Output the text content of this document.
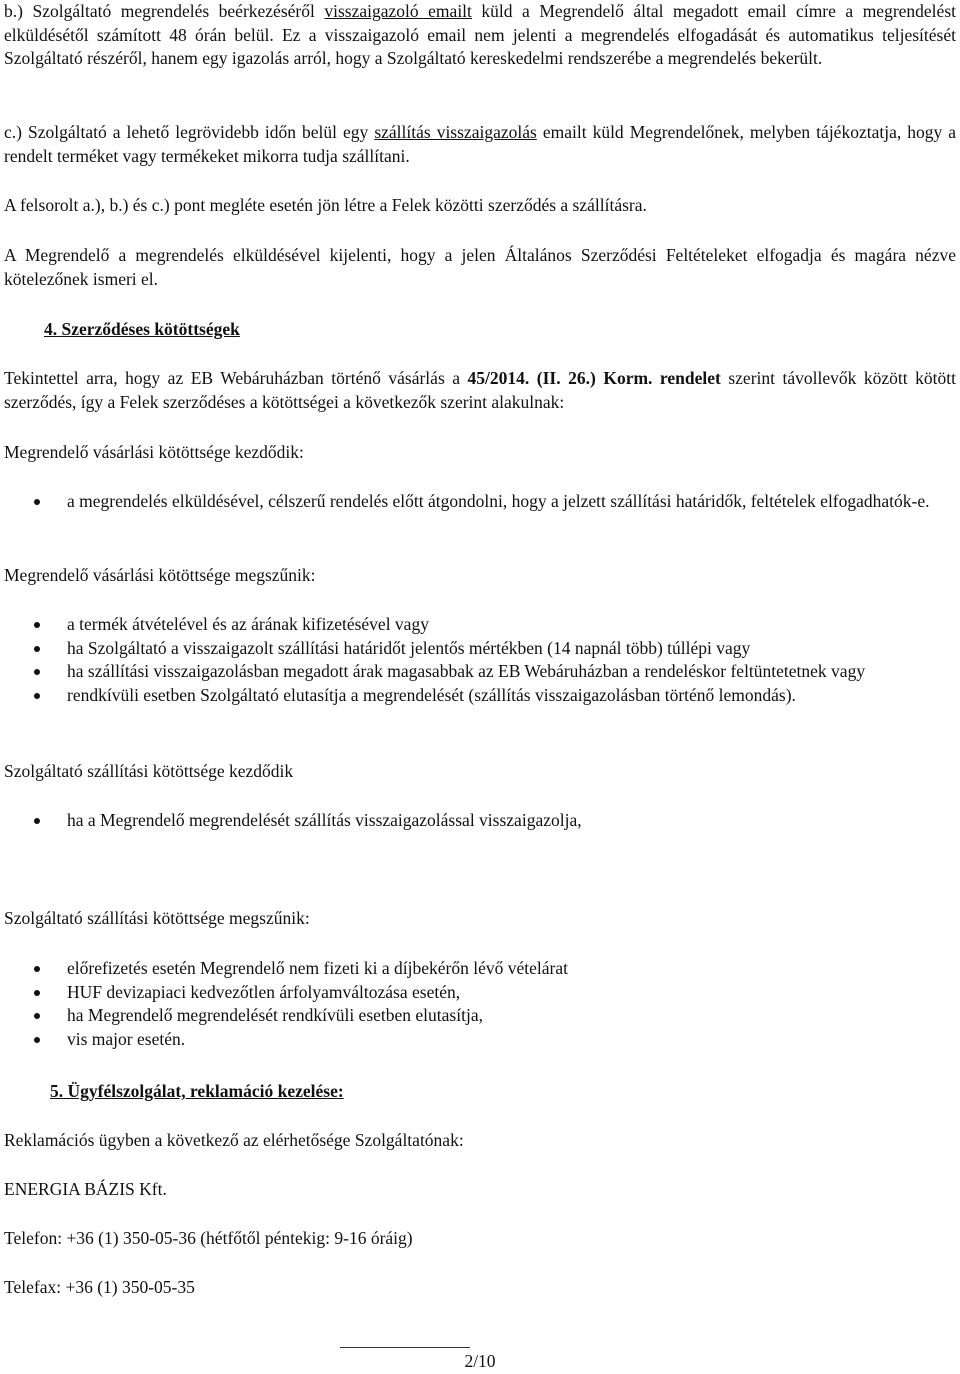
b.) Szolgáltató megrendelés beérkezéséről visszaigazoló emailt küld a Megrendelő által megadott email címre a megrendelést elküldésétől számított 48 órán belül. Ez a visszaigazoló email nem jelenti a megrendelés elfogadását és automatikus teljesítését Szolgáltató részéről, hanem egy igazolás arról, hogy a Szolgáltató kereskedelmi rendszerébe a megrendelés bekerült.

c.) Szolgáltató a lehető legrövidebb időn belül egy szállítás visszaigazolás emailt küld Megrendelőnek, melyben tájékoztatja, hogy a rendelt terméket vagy termékeket mikorra tudja szállítani.

A felsorolt a.), b.) és c.) pont megléte esetén jön létre a Felek közötti szerződés a szállításra.

A Megrendelő a megrendelés elküldésével kijelenti, hogy a jelen Általános Szerződési Feltételeket elfogadja és magára nézve kötelezőnek ismeri el.

4. Szerződéses kötöttségek

Tekintettel arra, hogy az EB Webáruházban történő vásárlás a 45/2014. (II. 26.) Korm. rendelet szerint távollevők között kötött szerződés, így a Felek szerződéses a kötöttségei a következők szerint alakulnak:

Megrendelő vásárlási kötöttsége kezdődik:

a megrendelés elküldésével, célszerű rendelés előtt átgondolni, hogy a jelzett szállítási határidők, feltételek elfogadhatók-e.

Megrendelő vásárlási kötöttsége megszűnik:

a termék átvételével és az árának kifizetésével vagy
ha Szolgáltató a visszaigazolt szállítási határidőt jelentős mértékben (14 napnál több) túllépi vagy
ha szállítási visszaigazolásban megadott árak magasabbak az EB Webáruházban a rendeléskor feltüntetetnek vagy
rendkívüli esetben Szolgáltató elutasítja a megrendelését (szállítás visszaigazolásban történő lemondás).

Szolgáltató szállítási kötöttsége kezdődik

ha a Megrendelő megrendelését szállítás visszaigazolással visszaigazolja,

Szolgáltató szállítási kötöttsége megszűnik:

előrefizetés esetén Megrendelő nem fizeti ki a díjbekérőn lévő vételárat
HUF devizapiaci kedvezőtlen árfolyamváltozása esetén,
ha Megrendelő megrendelését rendkívüli esetben elutasítja,
vis major esetén.

5. Ügyfélszolgálat, reklamáció kezelése:

Reklamációs ügyben a következő az elérhetősége Szolgáltatónak:

ENERGIA BÁZIS Kft.

Telefon: +36 (1) 350-05-36 (hétfőtől péntekig: 9-16 óráig)

Telefax: +36 (1) 350-05-35

2/10
